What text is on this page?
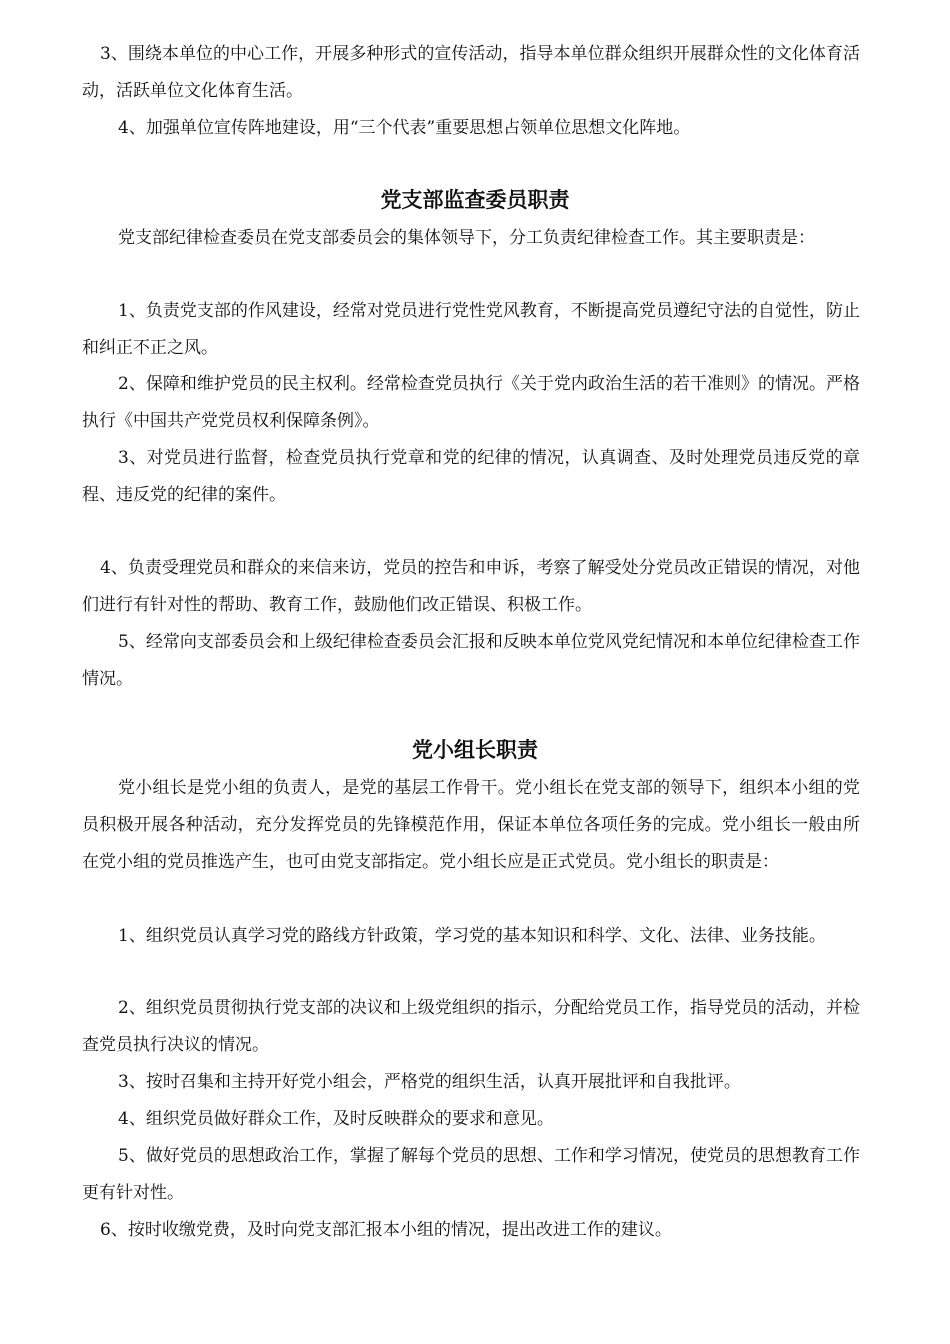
3、围绕本单位的中心工作，开展多种形式的宣传活动，指导本单位群众组织开展群众性的文化体育活动，活跃单位文化体育生活。

4、加强单位宣传阵地建设，用“三个代表”重要思想占领单位思想文化阵地。

党支部监查委员职责

党支部纪律检查委员在党支部委员会的集体领导下，分工负责纪律检查工作。其主要职责是：

1、负责党支部的作风建设，经常对党员进行党性党风教育，不断提高党员遵纪守法的自觉性，防止和纠正不正之风。

2、保障和维护党员的民主权利。经常检查党员执行《关于党内政治生活的若干准则》的情况。严格执行《中国共产党党员权利保障条例》。

3、对党员进行监督，检查党员执行党章和党的纪律的情况，认真调查、及时处理党员违反党的章程、违反党的纪律的案件。

4、负责受理党员和群众的来信来访，党员的控告和申诉，考察了解受处分党员改正错误的情况，对他们进行有针对性的帮助、教育工作，鼓励他们改正错误、积极工作。

5、经常向支部委员会和上级纪律检查委员会汇报和反映本单位党风党纪情况和本单位纪律检查工作情况。

党小组长职责

党小组长是党小组的负责人，是党的基层工作骨干。党小组长在党支部的领导下，组织本小组的党员积极开展各种活动，充分发挥党员的先锋模范作用，保证本单位各项任务的完成。党小组长一般由所在党小组的党员推选产生，也可由党支部指定。党小组长应是正式党员。党小组长的职责是：

1、组织党员认真学习党的路线方针政策，学习党的基本知识和科学、文化、法律、业务技能。

2、组织党员贯彻执行党支部的决议和上级党组织的指示，分配给党员工作，指导党员的活动，并检查党员执行决议的情况。

3、按时召集和主持开好党小组会，严格党的组织生活，认真开展批评和自我批评。

4、组织党员做好群众工作，及时反映群众的要求和意见。

5、做好党员的思想政治工作，掌握了解每个党员的思想、工作和学习情况，使党员的思想教育工作更有针对性。

6、按时收缴党费，及时向党支部汇报本小组的情况，提出改进工作的建议。
